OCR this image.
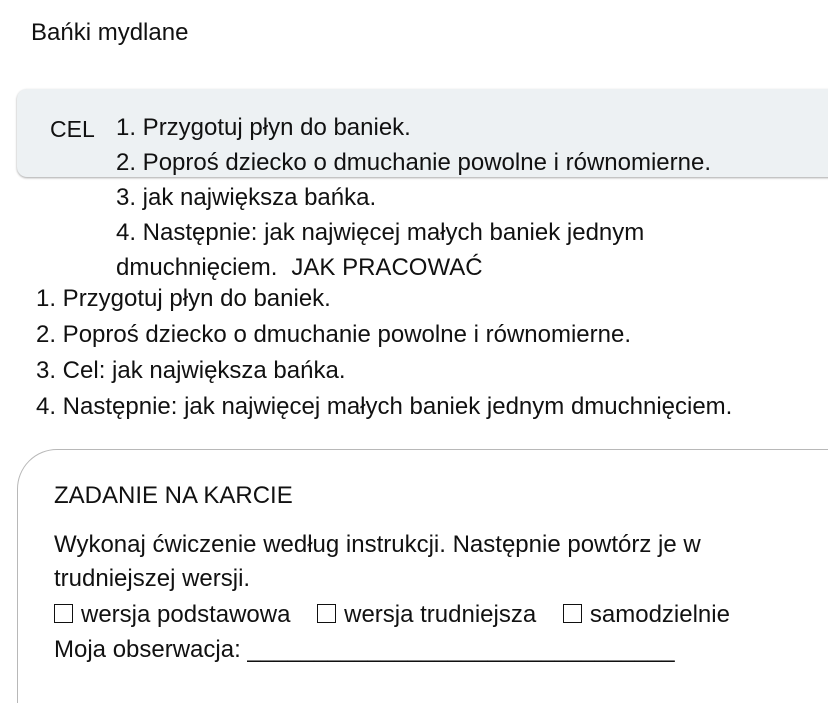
Bańki mydlane
CEL 1. Przygotuj płyn do baniek.
2. Poproś dziecko o dmuchanie powolne i równomierne.
3. jak największa bańka.
4. Następnie: jak najwięcej małych baniek jednym dmuchnięciem. JAK PRACOWAĆ
1. Przygotuj płyn do baniek.
2. Poproś dziecko o dmuchanie powolne i równomierne.
3. Cel: jak największa bańka.
4. Następnie: jak najwięcej małych baniek jednym dmuchnięciem.
ZADANIE NA KARCIE
Wykonaj ćwiczenie według instrukcji. Następnie powtórz je w trudniejszej wersji.
wersja podstawowa wersja trudniejsza samodzielnie
Moja obserwacja: ________________________________
